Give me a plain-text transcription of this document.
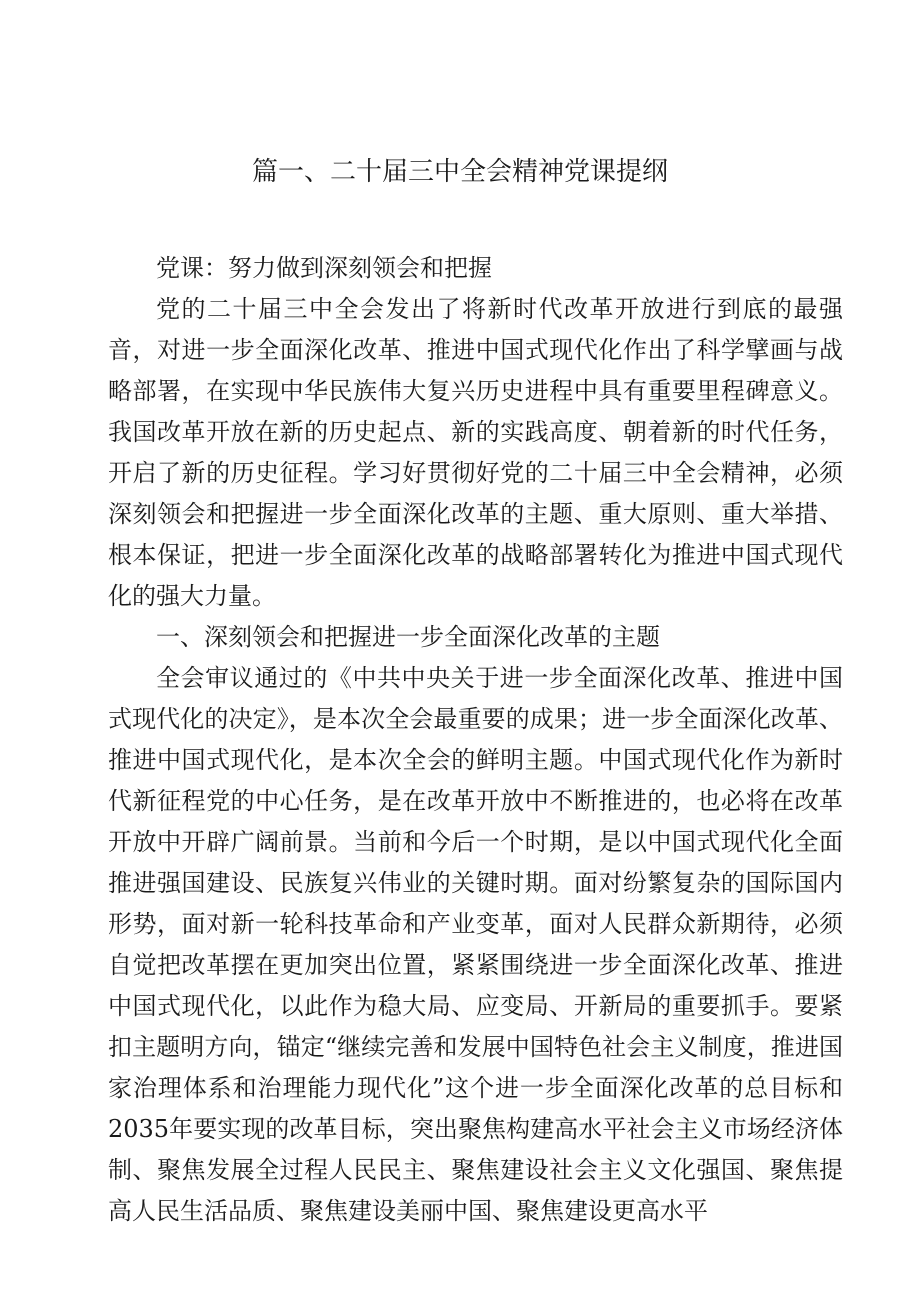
篇一、二十届三中全会精神党课提纲

党课：努力做到深刻领会和把握

党的二十届三中全会发出了将新时代改革开放进行到底的最强音，对进一步全面深化改革、推进中国式现代化作出了科学擘画与战略部署，在实现中华民族伟大复兴历史进程中具有重要里程碑意义。我国改革开放在新的历史起点、新的实践高度、朝着新的时代任务，开启了新的历史征程。学习好贯彻好党的二十届三中全会精神，必须深刻领会和把握进一步全面深化改革的主题、重大原则、重大举措、根本保证，把进一步全面深化改革的战略部署转化为推进中国式现代化的强大力量。

一、深刻领会和把握进一步全面深化改革的主题

全会审议通过的《中共中央关于进一步全面深化改革、推进中国式现代化的决定》，是本次全会最重要的成果；进一步全面深化改革、推进中国式现代化，是本次全会的鲜明主题。中国式现代化作为新时代新征程党的中心任务，是在改革开放中不断推进的，也必将在改革开放中开辟广阔前景。当前和今后一个时期，是以中国式现代化全面推进强国建设、民族复兴伟业的关键时期。面对纷繁复杂的国际国内形势，面对新一轮科技革命和产业变革，面对人民群众新期待，必须自觉把改革摆在更加突出位置，紧紧围绕进一步全面深化改革、推进中国式现代化，以此作为稳大局、应变局、开新局的重要抓手。要紧扣主题明方向，锚定“继续完善和发展中国特色社会主义制度，推进国家治理体系和治理能力现代化”这个进一步全面深化改革的总目标和2035年要实现的改革目标，突出聚焦构建高水平社会主义市场经济体制、聚焦发展全过程人民民主、聚焦建设社会主义文化强国、聚焦提高人民生活品质、聚焦建设美丽中国、聚焦建设更高水平
